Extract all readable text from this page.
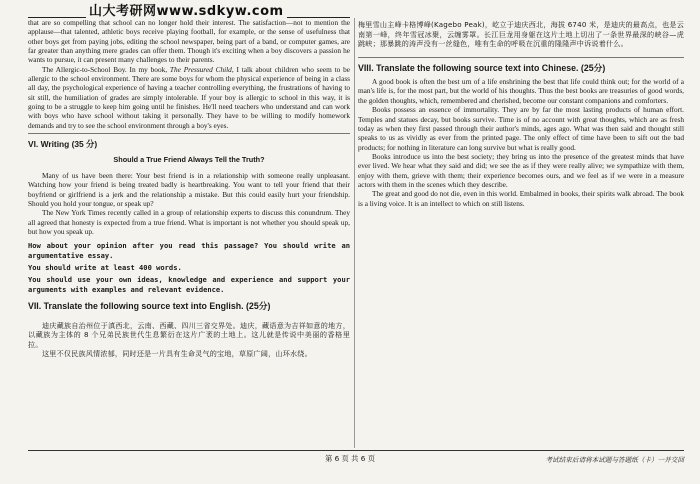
山大考研网www.sdkyw.com

that are so compelling that school can no longer hold their interest. The satisfaction—not to mention the applause—that talented, athletic boys receive playing football, for example, or the sense of usefulness that other boys get from paying jobs, editing the school newspaper, being part of a band, or computer games, are far greater than anything mere grades can offer them. Though it's exciting when a boy discovers a passion he wants to pursue, it can present many challenges to their parents.

The Allergic-to-School Boy. In my book, The Pressured Child, I talk about children who seem to be allergic to the school environment. There are some boys for whom the physical experience of being in a class all day, the psychological experience of having a teacher controlling everything, the frustrations of having to sit still, the humiliation of grades are simply intolerable. If your boy is allergic to school in this way, it is going to be a struggle to keep him going until he finishes. He'll need teachers who understand and can work with boys who have school without taking it personally. They have to be willing to modify homework demands and try to see the school environment through a boy's eyes.

VI. Writing (35 分)
Should a True Friend Always Tell the Truth?

Many of us have been there: Your best friend is in a relationship with someone really unpleasant. Watching how your friend is being treated badly is heartbreaking. You want to tell your friend that their boyfriend or girlfriend is a jerk and the relationship a mistake. But this could easily hurt your friendship. Should you hold your tongue, or speak up?

The New York Times recently called in a group of relationship experts to discuss this conundrum. They all agreed that honesty is expected from a true friend. What is important is not whether you should speak up, but how you speak up.

How about your opinion after you read this passage? You should write an argumentative essay.
You should write at least 400 words.
You should use your own ideas, knowledge and experience and support your arguments with examples and relevant evidence.
VII. Translate the following source text into English. (25分)

迪庆藏族自治州位于滇西北，云南、西藏、四川三省交界处。迪庆，藏语意为吉祥如意的地方，以藏族为主体的 8 个兄弟民族世代生息繁衍在这片广袤的土地上。这儿就是传说中美丽的香格里拉。

这里不仅民族风情浓郁，同时还是一片具有生命灵气的宝地，草原广阔，山环水绕。

梅里雪山主峰卡格博峰(Kagebo Peak)，屹立于迪庆西北，海拔 6740 米，是迪庆的最高点，也是云南第一峰，终年雪冠冰聚，云缠雾罩。长江巨龙用身躯在这片土地上切出了一条世界最深的峡谷—虎跳峡；那暴跳的涛声没有一丝缝色，唯有生命的呼吸在沉重的隆隆声中诉说着什么。

VIII. Translate the following source text into Chinese. (25分)

A good book is often the best urn of a life enshrining the best that life could think out; for the world of a man's life is, for the most part, but the world of his thoughts. Thus the best books are treasuries of good words, the golden thoughts, which, remembered and cherished, become our constant companions and comforters.

Books possess an essence of immortality. They are by far the most lasting products of human effort. Temples and statues decay, but books survive. Time is of no account with great thoughts, which are as fresh today as when they first passed through their author's minds, ages ago. What was then said and thought still speaks to us as vividly as ever from the printed page. The only effect of time have been to sift out the bad products; for nothing in literature can long survive but what is really good.

Books introduce us into the best society; they bring us into the presence of the greatest minds that have ever lived. We hear what they said and did; we see the as if they were really alive; we sympathize with them, enjoy with them, grieve with them; their experience becomes ours, and we feel as if we were in a measure actors with them in the scenes which they describe.

The great and good do not die, even in this world. Embalmed in books, their spirits walk abroad. The book is a living voice. It is an intellect to which on still listens.

第 6 页 共 6 页	考试结束后请将本试题与答题纸（卡）一并交回
